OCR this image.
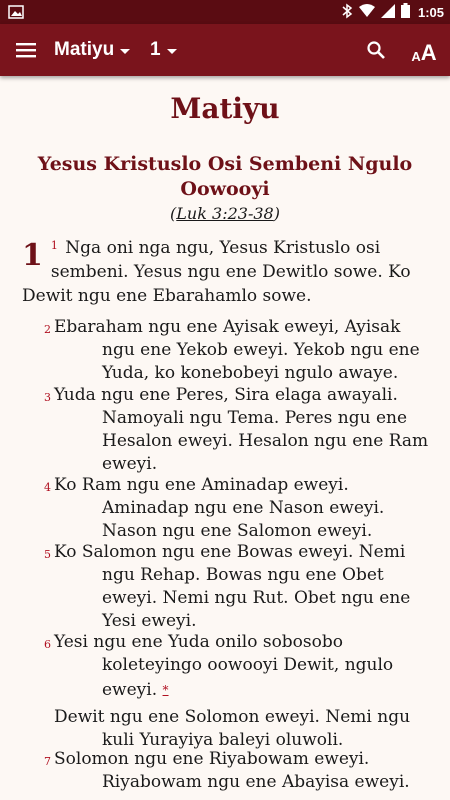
1:05
Matiyu 1	A A
Matiyu
Yesus Kristuslo Osi Sembeni Ngulo Oowooyi
(Luk 3:23-38)
1 $^1$ Nga oni nga ngu, Yesus Kristuslo osi sembeni. Yesus ngu ene Dewitlo sowe. Ko Dewit ngu ene Ebarahamlo sowe.
2 Ebaraham ngu ene Ayisak eweyi, Ayisak
ngu ene Yekob eweyi. Yekob ngu ene
Yuda, ko konebobeyi ngulo awaye.
3 Yuda ngu ene Peres, Sira elaga awayali.
Namoyali ngu Tema. Peres ngu ene
Hesalon eweyi. Hesalon ngu ene Ram
eweyi.
4 Ko Ram ngu ene Aminadap eweyi.
Aminadap ngu ene Nason eweyi.
Nason ngu ene Salomon eweyi.
5 Ko Salomon ngu ene Bowas eweyi. Nemi
ngu Rehap. Bowas ngu ene Obet
eweyi. Nemi ngu Rut. Obet ngu ene
Yesi eweyi.
6 Yesi ngu ene Yuda onilo sobosobo
koleteyingo oowooyi Dewit, ngulo
eweyi. *
Dewit ngu ene Solomon eweyi. Nemi ngu
kuli Yurayiya baleyi oluwoli.
7 Solomon ngu ene Riyabowam eweyi.
Riyabowam ngu ene Abayisa eweyi.
